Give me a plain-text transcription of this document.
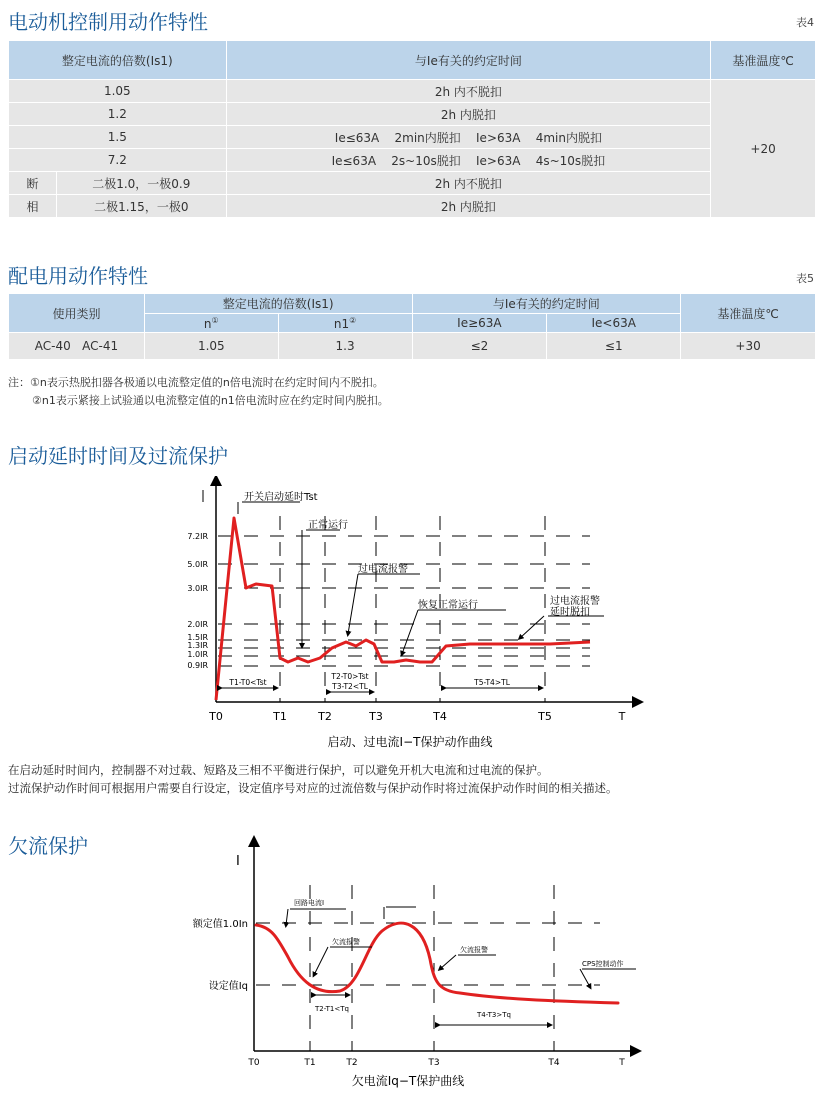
电动机控制用动作特性	表4
整定电流的倍数(Is1)		与Ie有关的约定时间	基准温度℃
1.05		2h 内不脱扣	+20
1.2		2h 内脱扣	
1.5		Ie≤63A    2min内脱扣    Ie>63A    4min内脱扣	
7.2		Ie≤63A    2s~10s脱扣    Ie>63A    4s~10s脱扣	
断	二极1.0，一极0.9	2h 内不脱扣	
相	二极1.15，一极0	2h 内脱扣	
配电用动作特性	表5
使用类别	整定电流的倍数(Is1)		与Ie有关的约定时间		基准温度℃
	n①	n1②	Ie≥63A	Ie<63A	
AC-40   AC-41	1.05	1.3	≤2	≤1	+30
注：①n表示热脱扣器各极通以电流整定值的n倍电流时在约定时间内不脱扣。
②n1表示紧接上试验通以电流整定值的n1倍电流时应在约定时间内脱扣。
启动延时时间及过流保护
7.2IR
5.0IR
3.0IR
2.0IR
1.5IR
1.3IR
1.0IR
0.9IR
T0	T1	T2	T3	T4	T5	T
开关启动延时Tst
正常运行
过电流报警
恢复正常运行	过电流报警
延时脱扣
T1-T0<Tst
T2-T0>Tst
T3-T2<TL	T5-T4>TL
启动、过电流I−T保护动作曲线
在启动延时时间内，控制器不对过载、短路及三相不平衡进行保护，可以避免开机大电流和过电流的保护。
过流保护动作时间可根据用户需要自行设定，设定值序号对应的过流倍数与保护动作时将过流保护动作时间的相关描述。
欠流保护
I
额定值1.0In
设定值Iq
T0	T1	T2	T3	T4	T
回路电流I
欠流报警
欠流报警
CPS控制动作
T2-T1<Tq
T4-T3>Tq
欠电流Iq−T保护曲线
